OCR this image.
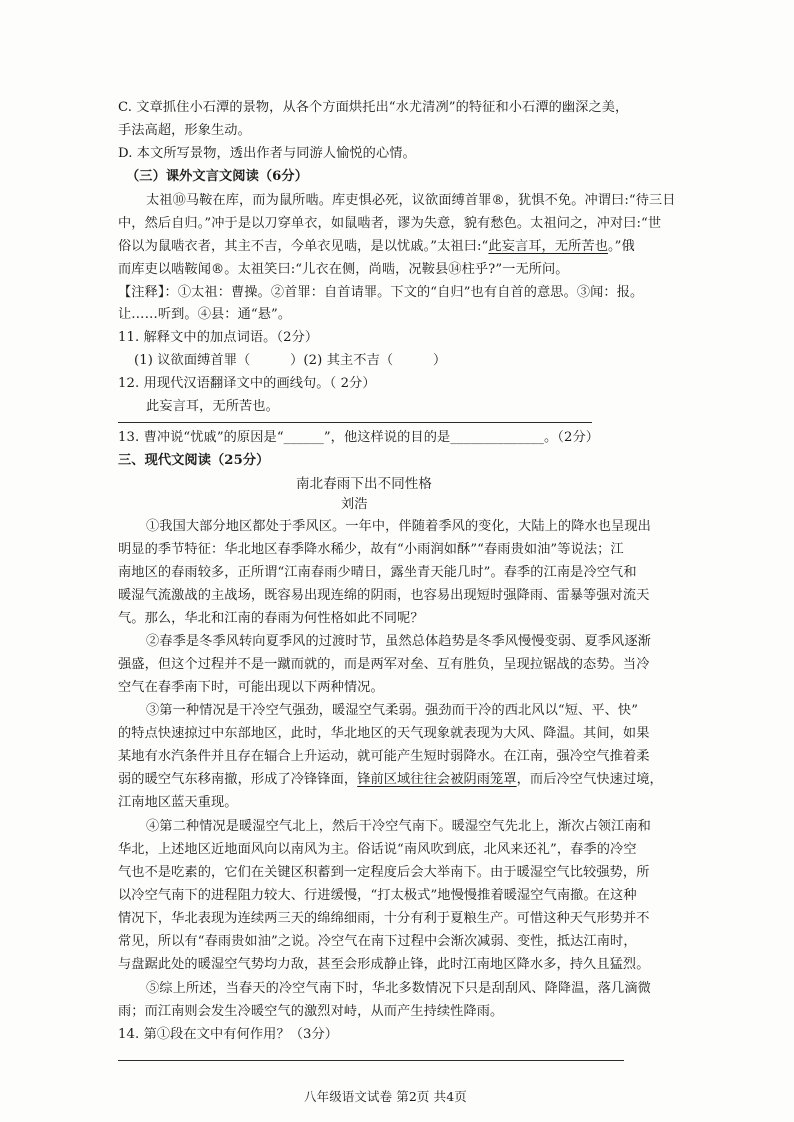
C. 文章抓住小石潭的景物，从各个方面烘托出“水尤清冽”的特征和小石潭的幽深之美，
手法高超，形象生动。
D. 本文所写景物，透出作者与同游人愉悦的心情。
（三）课外文言文阅读（6分）
太祖⑩马鞍在库，而为鼠所啮。库吏惧必死，议欲面缚首罪®，犹惧不免。冲谓曰:“待三日
中，然后自归。”冲于是以刀穿单衣，如鼠啮者，谬为失意，貌有愁色。太祖问之，冲对曰:“世
俗以为鼠啮衣者，其主不吉，今单衣见啮，是以忧戚。”太祖曰:“此妄言耳，无所苦也。”俄
而库吏以啮鞍闻®。太祖笑曰:“儿衣在侧，尚啮，况鞍县⑭柱乎?”一无所问。
【注释】：①太祖：曹操。②首罪：自首请罪。下文的“自归”也有自首的意思。③闻：报。
让……听到。④县：通“悬”。
11. 解释文中的加点词语。（2分）
(1) 议欲面缚首罪（　　　）(2) 其主不吉（　　　）
12. 用现代汉语翻译文中的画线句。（ 2分）
此妄言耳，无所苦也。
13. 曹冲说“忧戚”的原因是“______”，他这样说的目的是______________。（2分）
三、现代文阅读（25分）
南北春雨下出不同性格
刘浩
①我国大部分地区都处于季风区。一年中，伴随着季风的变化，大陆上的降水也呈现出
明显的季节特征：华北地区春季降水稀少，故有“小雨润如酥”“春雨贵如油”等说法；江
南地区的春雨较多，正所谓“江南春雨少晴日，露坐青天能几时”。春季的江南是冷空气和
暖湿气流激战的主战场，既容易出现连绵的阴雨，也容易出现短时强降雨、雷暴等强对流天
气。那么，华北和江南的春雨为何性格如此不同呢？
②春季是冬季风转向夏季风的过渡时节，虽然总体趋势是冬季风慢慢变弱、夏季风逐渐
强盛，但这个过程并不是一蹴而就的，而是两军对垒、互有胜负，呈现拉锯战的态势。当冷
空气在春季南下时，可能出现以下两种情况。
③第一种情况是干冷空气强劲，暖湿空气柔弱。强劲而干冷的西北风以“短、平、快”
的特点快速掠过中东部地区，此时，华北地区的天气现象就表现为大风、降温。其间，如果
某地有水汽条件并且存在辐合上升运动，就可能产生短时弱降水。在江南，强冷空气推着柔
弱的暖空气东移南撤，形成了冷锋锋面，锋前区域往往会被阴雨笼罩，而后冷空气快速过境，
江南地区蓝天重现。
④第二种情况是暖湿空气北上，然后干冷空气南下。暖湿空气先北上，渐次占领江南和
华北，上述地区近地面风向以南风为主。俗话说“南风吹到底，北风来还礼”，春季的冷空
气也不是吃素的，它们在关键区积蓄到一定程度后会大举南下。由于暖湿空气比较强势，所
以冷空气南下的进程阻力较大、行进缓慢，“打太极式”地慢慢推着暖湿空气南撤。在这种
情况下，华北表现为连续两三天的绵绵细雨，十分有利于夏粮生产。可惜这种天气形势并不
常见，所以有“春雨贵如油”之说。冷空气在南下过程中会渐次减弱、变性，抵达江南时，
与盘踞此处的暖湿空气势均力敌，甚至会形成静止锋，此时江南地区降水多，持久且猛烈。
⑤综上所述，当春天的冷空气南下时，华北多数情况下只是刮刮风、降降温，落几滴微
雨；而江南则会发生冷暖空气的激烈对峙，从而产生持续性降雨。
14. 第①段在文中有何作用？（3分）
八年级语文试卷 第2页 共4页
